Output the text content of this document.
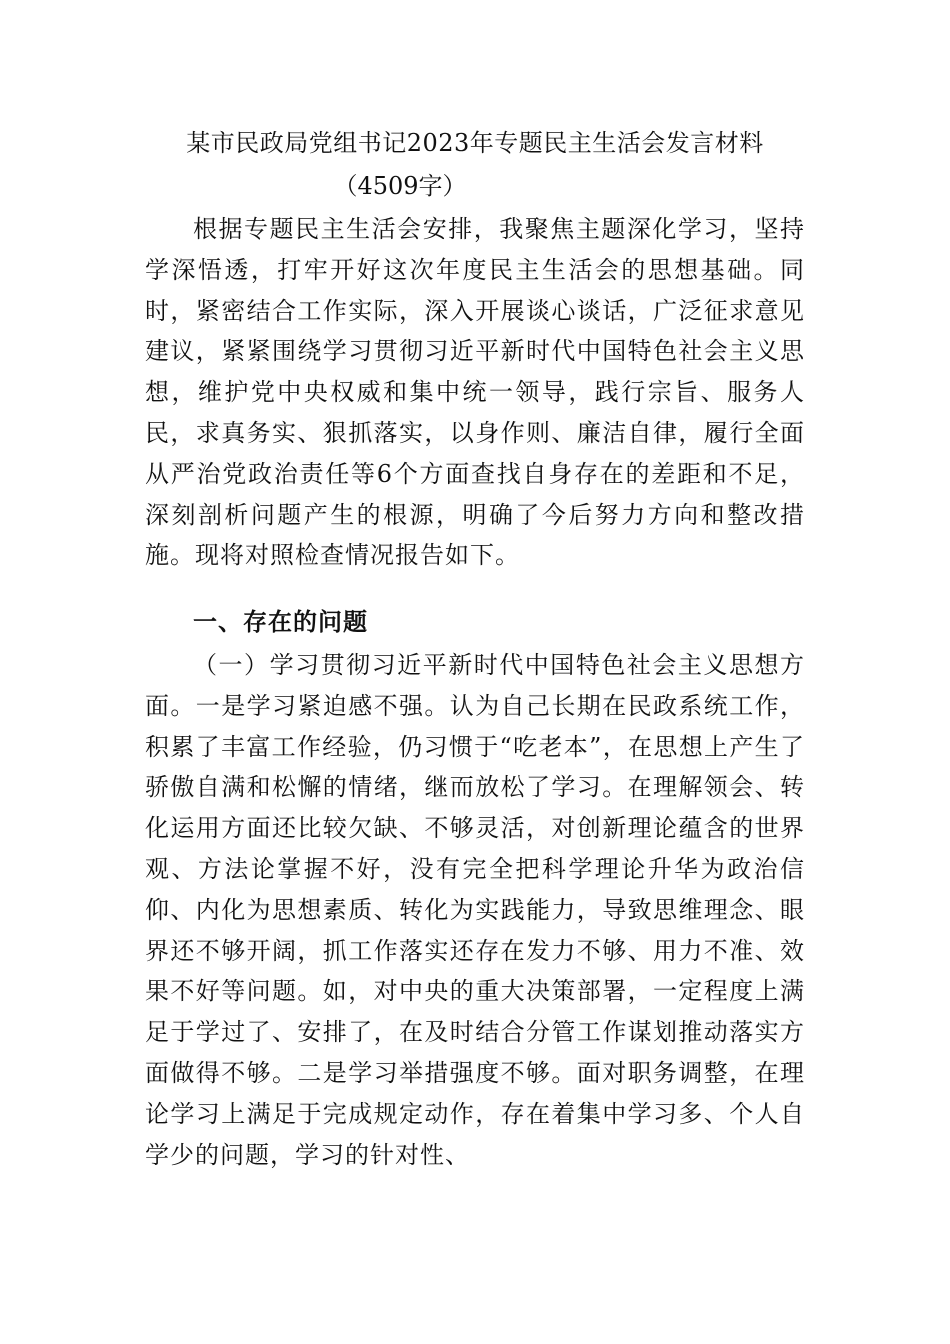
某市民政局党组书记2023年专题民主生活会发言材料
（4509字）

根据专题民主生活会安排，我聚焦主题深化学习，坚持学深悟透，打牢开好这次年度民主生活会的思想基础。同时，紧密结合工作实际，深入开展谈心谈话，广泛征求意见建议，紧紧围绕学习贯彻习近平新时代中国特色社会主义思想，维护党中央权威和集中统一领导，践行宗旨、服务人民，求真务实、狠抓落实，以身作则、廉洁自律，履行全面从严治党政治责任等6个方面查找自身存在的差距和不足，深刻剖析问题产生的根源，明确了今后努力方向和整改措施。现将对照检查情况报告如下。

一、存在的问题

（一）学习贯彻习近平新时代中国特色社会主义思想方面。一是学习紧迫感不强。认为自己长期在民政系统工作，积累了丰富工作经验，仍习惯于“吃老本”，在思想上产生了骄傲自满和松懈的情绪，继而放松了学习。在理解领会、转化运用方面还比较欠缺、不够灵活，对创新理论蕴含的世界观、方法论掌握不好，没有完全把科学理论升华为政治信仰、内化为思想素质、转化为实践能力，导致思维理念、眼界还不够开阔，抓工作落实还存在发力不够、用力不准、效果不好等问题。如，对中央的重大决策部署，一定程度上满足于学过了、安排了，在及时结合分管工作谋划推动落实方面做得不够。二是学习举措强度不够。面对职务调整，在理论学习上满足于完成规定动作，存在着集中学习多、个人自学少的问题，学习的针对性、
